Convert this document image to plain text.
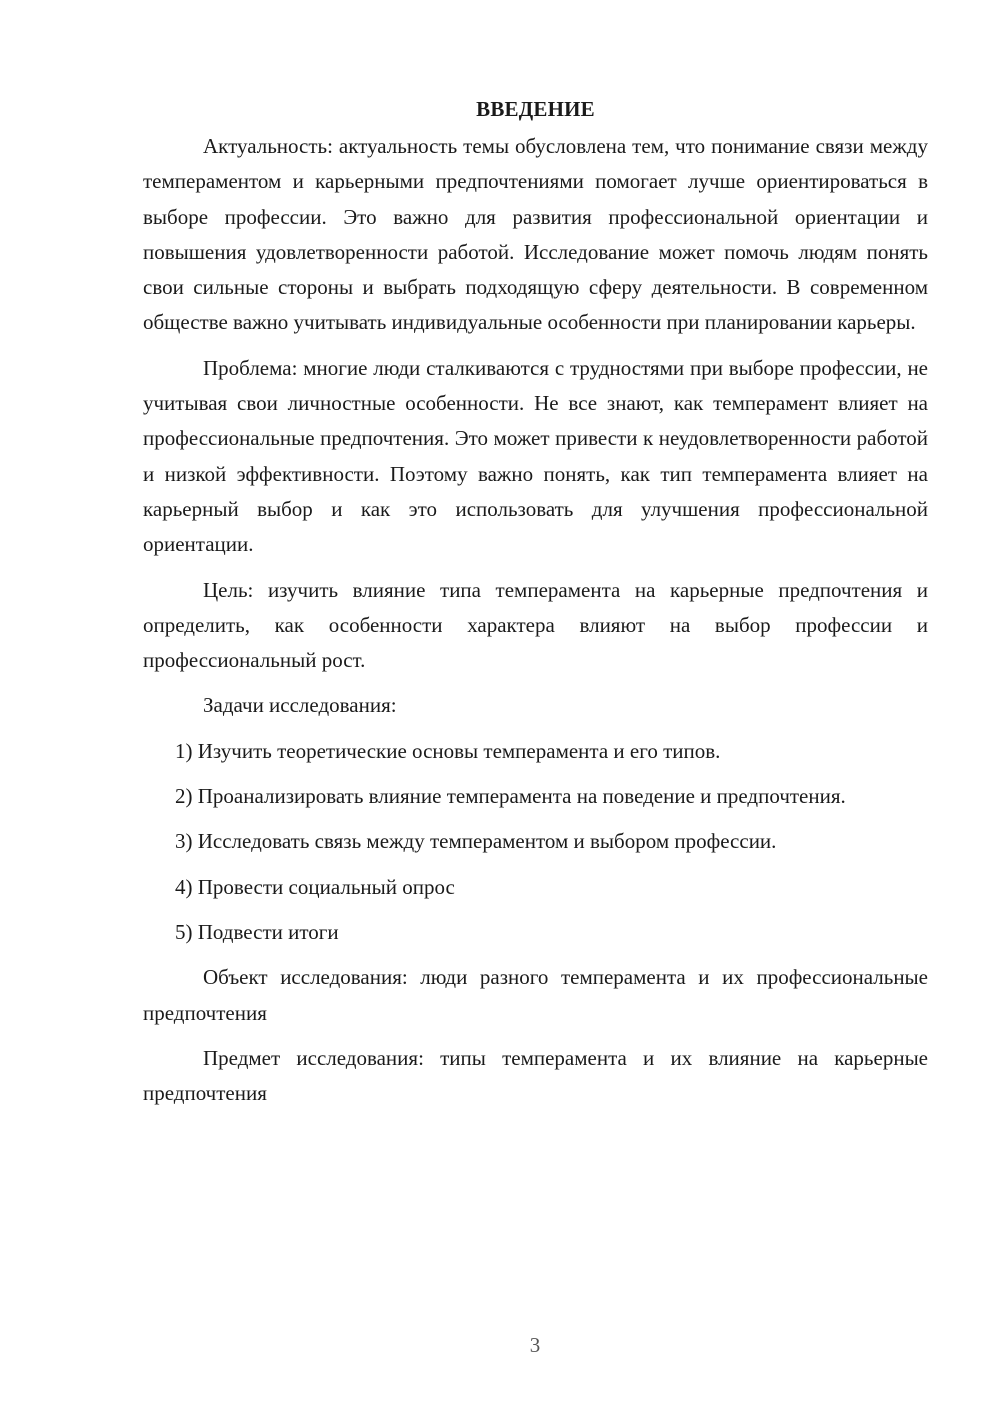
ВВЕДЕНИЕ

Актуальность: актуальность темы обусловлена тем, что понимание связи между темпераментом и карьерными предпочтениями помогает лучше ориентироваться в выборе профессии. Это важно для развития профессиональной ориентации и повышения удовлетворенности работой. Исследование может помочь людям понять свои сильные стороны и выбрать подходящую сферу деятельности. В современном обществе важно учитывать индивидуальные особенности при планировании карьеры.

Проблема: многие люди сталкиваются с трудностями при выборе профессии, не учитывая свои личностные особенности. Не все знают, как темперамент влияет на профессиональные предпочтения. Это может привести к неудовлетворенности работой и низкой эффективности. Поэтому важно понять, как тип темперамента влияет на карьерный выбор и как это использовать для улучшения профессиональной ориентации.

Цель: изучить влияние типа темперамента на карьерные предпочтения и определить, как особенности характера влияют на выбор профессии и профессиональный рост.

Задачи исследования:

1) Изучить теоретические основы темперамента и его типов.

2) Проанализировать влияние темперамента на поведение и предпочтения.

3) Исследовать связь между темпераментом и выбором профессии.

4) Провести социальный опрос

5) Подвести итоги

Объект исследования: люди разного темперамента и их профессиональные предпочтения

Предмет исследования: типы темперамента и их влияние на карьерные предпочтения

3
